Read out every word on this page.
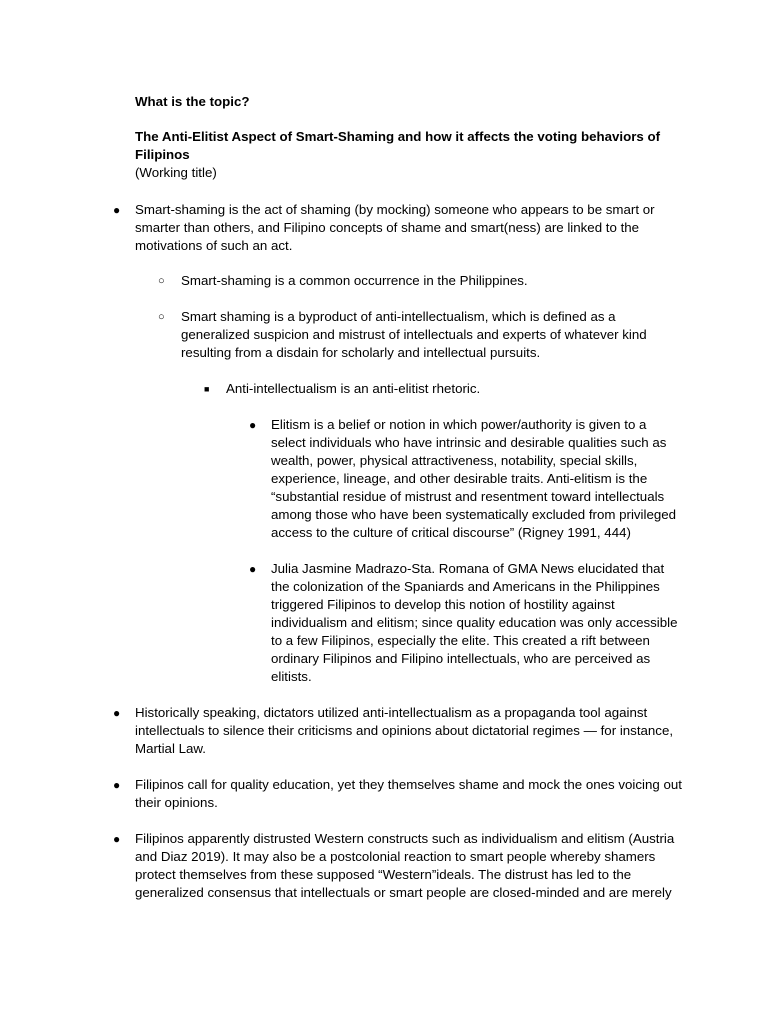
What is the topic?
The Anti-Elitist Aspect of Smart-Shaming and how it affects the voting behaviors of
Filipinos
(Working title)
● Smart-shaming is the act of shaming (by mocking) someone who appears to be smart or
smarter than others, and Filipino concepts of shame and smart(ness) are linked to the
motivations of such an act.
○ Smart-shaming is a common occurrence in the Philippines.
○ Smart shaming is a byproduct of anti-intellectualism, which is defined as a
generalized suspicion and mistrust of intellectuals and experts of whatever kind
resulting from a disdain for scholarly and intellectual pursuits.
■ Anti-intellectualism is an anti-elitist rhetoric.
● Elitism is a belief or notion in which power/authority is given to a
select individuals who have intrinsic and desirable qualities such as
wealth, power, physical attractiveness, notability, special skills,
experience, lineage, and other desirable traits. Anti-elitism is the
“substantial residue of mistrust and resentment toward intellectuals
among those who have been systematically excluded from privileged
access to the culture of critical discourse” (Rigney 1991, 444)
● Julia Jasmine Madrazo-Sta. Romana of GMA News elucidated that
the colonization of the Spaniards and Americans in the Philippines
triggered Filipinos to develop this notion of hostility against
individualism and elitism; since quality education was only accessible
to a few Filipinos, especially the elite. This created a rift between
ordinary Filipinos and Filipino intellectuals, who are perceived as
elitists.
● Historically speaking, dictators utilized anti-intellectualism as a propaganda tool against
intellectuals to silence their criticisms and opinions about dictatorial regimes — for instance,
Martial Law.
● Filipinos call for quality education, yet they themselves shame and mock the ones voicing out
their opinions.
● Filipinos apparently distrusted Western constructs such as individualism and elitism (Austria
and Diaz 2019). It may also be a postcolonial reaction to smart people whereby shamers
protect themselves from these supposed “Western”ideals. The distrust has led to the
generalized consensus that intellectuals or smart people are closed-minded and are merely
